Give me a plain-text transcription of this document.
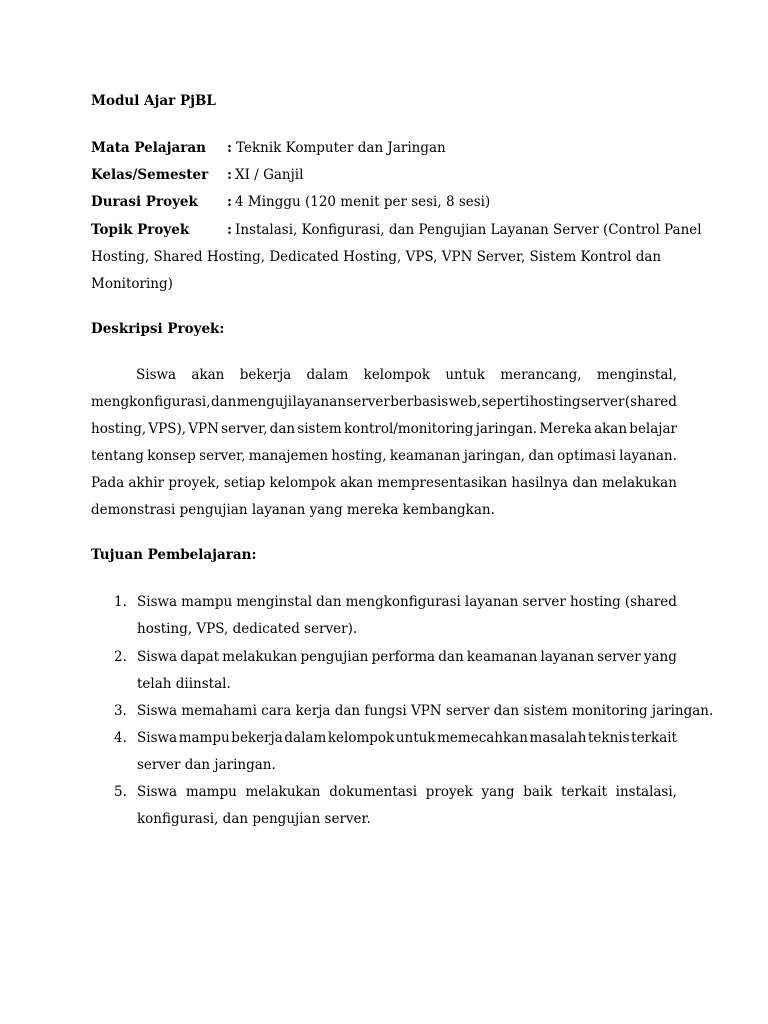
Modul Ajar PjBL
Mata Pelajaran : Teknik Komputer dan Jaringan
Kelas/Semester : XI / Ganjil
Durasi Proyek : 4 Minggu (120 menit per sesi, 8 sesi)
Topik Proyek	: Instalasi, Konfigurasi, dan Pengujian Layanan Server (Control Panel
Hosting, Shared Hosting, Dedicated Hosting, VPS, VPN Server, Sistem Kontrol dan
Monitoring)
Deskripsi Proyek:
Siswa akan bekerja dalam kelompok untuk merancang, menginstal,
mengkonfigurasi, dan menguji layanan server berbasis web, seperti hosting server (shared
hosting, VPS), VPN server, dan sistem kontrol/monitoring jaringan. Mereka akan belajar
tentang konsep server, manajemen hosting, keamanan jaringan, dan optimasi layanan.
Pada akhir proyek, setiap kelompok akan mempresentasikan hasilnya dan melakukan
demonstrasi pengujian layanan yang mereka kembangkan.
Tujuan Pembelajaran:
1. Siswa mampu menginstal dan mengkonfigurasi layanan server hosting (shared
hosting, VPS, dedicated server).
2. Siswa dapat melakukan pengujian performa dan keamanan layanan server yang
telah diinstal.
3. Siswa memahami cara kerja dan fungsi VPN server dan sistem monitoring jaringan.
4. Siswa mampu bekerja dalam kelompok untuk memecahkan masalah teknis terkait
server dan jaringan.
5. Siswa mampu melakukan dokumentasi proyek yang baik terkait instalasi,
konfigurasi, dan pengujian server.
